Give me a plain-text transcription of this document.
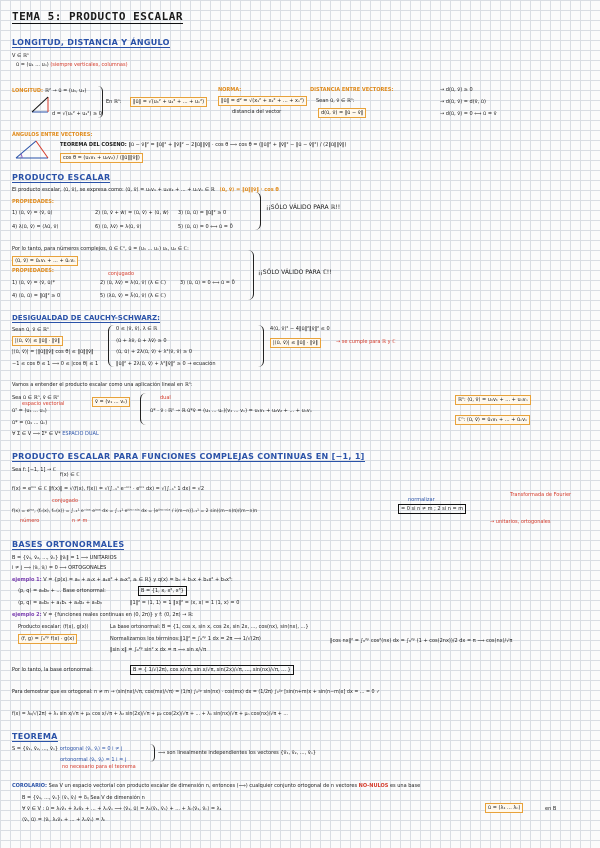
TEMA 5: PRODUCTO ESCALAR
LONGITUD, DISTANCIA Y ÁNGULO
V ∈ ℝⁿ
ū = (u₁ ... uₙ) (siempre verticales, columnas)
LONGITUD: ℝ² → ū = (u₁, u₂)
d = √(u₁² + u₂²) ≥ 0
En ℝⁿ:	‖ū‖ = √(u₁² + u₂² + ... + uₙ²)
NORMA:
‖ū‖ = d² = √(x₁² + x₂² + ... + xₙ²)
distancia del vector
DISTANCIA ENTRE VECTORES:
Sean ū, v̄ ∈ ℝⁿ:
d(ū, v̄) = ‖ū − v̄‖
→ d(ū, v̄) ≥ 0
→ d(ū, v̄) = d(v̄, ū)
→ d(ū, v̄) = 0 ⟺ ū = v̄
ÁNGULOS ENTRE VECTORES:
TEOREMA DEL COSENO: ‖ū − v̄‖² = ‖ū‖² + ‖v̄‖² − 2‖ū‖‖v̄‖ · cos θ ⟹ cos θ = (‖ū‖² + ‖v̄‖² − ‖ū − v̄‖²) / (2‖ū‖‖v̄‖)
cos θ = (u₁v₁ + u₂v₂) / (‖ū‖‖v̄‖)
PRODUCTO ESCALAR
El producto escalar, ⟨ū, v̄⟩, se expresa como: ⟨ū, v̄⟩ = u₁v₁ + u₂v₂ + ... + uₙvₙ ∈ ℝ ⟨ū, v̄⟩ = ‖ū‖‖v̄‖ · cos θ
PROPIEDADES:
1) ⟨ū, v̄⟩ = ⟨v̄, ū⟩	2) ⟨ū, v̄ + w̄⟩ = ⟨ū, v̄⟩ + ⟨ū, w̄⟩ 3) ⟨ū, ū⟩ = ‖ū‖² ≥ 0
4) λ⟨ū, v̄⟩ = ⟨λū, v̄⟩	5) ⟨ū, ū⟩ = 0 ⟺ ū = 0̄
6) ⟨ū, λv̄⟩ = λ⟨ū, v̄⟩
¡¡SÓLO VÁLIDO PARA ℝ!!
Por lo tanto, para números complejos, ū ∈ ℂⁿ, ū = (u₁ ... uₙ) u₁, u₂ ∈ ℂ:
⟨ū, v̄⟩ = ū₁v₁ + ... + ūₙvₙ
PROPIEDADES:
1) ⟨ū, v̄⟩ = ⟨v̄, ū⟩*
conjugado
2) ⟨ū, λv̄⟩ = λ⟨ū, v̄⟩ (λ ∈ ℂ)	3) ⟨ū, ū⟩ = 0 ⟺ ū = 0̄
4) ⟨ū, ū⟩ = ‖ū‖² ≥ 0	5) ⟨λū, v̄⟩ = λ̄⟨ū, v̄⟩ (λ ∈ ℂ)
¡¡SÓLO VÁLIDO PARA ℂ!!
DESIGUALDAD DE CAUCHY-SCHWARZ:
Sean ū, v̄ ∈ ℝⁿ
|⟨ū, v̄⟩| ≤ ‖ū‖ · ‖v̄‖
|⟨ū, v̄⟩| = |‖ū‖‖v̄‖ cos θ| ≤ ‖ū‖‖v̄‖
−1 ≤ cos θ ≤ 1 ⟹ 0 ≤ |cos θ| ≤ 1
0 ≤ ⟨v̄, v̄⟩, λ ∈ ℝ
⟨ū + λv̄, ū + λv̄⟩ ≥ 0
⟨ū, ū⟩ + 2λ⟨ū, v̄⟩ + λ²⟨v̄, v̄⟩ ≥ 0
‖ū‖² + 2λ⟨ū, v̄⟩ + λ²‖v̄‖² ≥ 0 → ecuación
4⟨ū, v̄⟩² − 4‖ū‖²‖v̄‖² ≤ 0
|⟨ū, v̄⟩| ≤ ‖ū‖ · ‖v̄‖	→ se cumple para ℝ y ℂ
Vamos a entender el producto escalar como una aplicación lineal en ℝⁿ:
Sea ū ∈ ℝⁿ, v̄ ∈ ℝⁿ
espacio vectorial
ūᵀ = (u₁ ... uₙ)
ū* = (ū₁ ... ūₙ)
∀ Σ ∈ V ⟹ Σ* ∈ V* ESPACIO DUAL
v̄ = (v₁ ... vₙ)
dual
ū* · v̄ : ℝⁿ → ℝ ū*v̄ = (u₁ ... uₙ)(v₁ ... vₙ) = u₁v₁ + u₂v₂ + ... + uₙvₙ
ℝⁿ: ⟨ū, v̄⟩ = u₁v₁ + ... + uₙvₙ
ℂⁿ: ⟨ū, v̄⟩ = ū₁v₁ + ... + ūₙvₙ
PRODUCTO ESCALAR PARA FUNCIONES COMPLEJAS CONTINUAS EN [−1, 1]
Sea f: [−1, 1] → ℂ
f(x) ∈ ℂ
f(x) = eⁱⁿˣ ∈ ℂ ‖f(x)‖ = √⟨f(x), f(x)⟩ = √(∫₋₁¹ e⁻ⁱⁿˣ · eⁱⁿˣ dx) = √(∫₋₁¹ 1 dx) = √2
conjugado
f(x) = eⁱⁿˣ, ⟨fₙ(x), fₘ(x)⟩ = ∫₋₁¹ e⁻ⁱⁿˣ eⁱᵐˣ dx = ∫₋₁¹ eⁱ⁽ᵐ⁻ⁿ⁾ˣ dx = [eⁱ⁽ᵐ⁻ⁿ⁾ˣ / i(m−n)]₋₁¹ = 2 sin((m−n)π)/(m−n)π
número	n ≠ m
= 0 si n ≠ m ; 2 si n = m
normalizar
Transformada de Fourier
→ unitarios, ortogonales
BASES ORTONORMALES
B = {v̄₁, v̄₂, ..., v̄ₙ} ‖v̄ᵢ‖ = 1 ⟹ UNITARIOS
i ≠ j ⟹ ⟨v̄ᵢ, v̄ⱼ⟩ = 0 ⟹ ORTOGONALES
ejemplo 1: V = {p(x) = a₀ + a₁x + a₂x² + a₃x³, aᵢ ∈ ℝ} y q(x) = b₀ + b₁x + b₂x² + b₃x³:
⟨p, q⟩ = a₀b₀ + ... Base ortonormal:	B = {1, x, x², x³}
⟨p, q⟩ = a₀b₀ + a₁b₁ + a₂b₂ + a₃b₃	‖1‖² = ⟨1, 1⟩ = 1 ‖x‖² = ⟨x, x⟩ = 1 ⟨1, x⟩ = 0
ejemplo 2: V = {funciones reales continuas en (0, 2π)} y f: (0, 2π) → ℝ:
Producto escalar: ⟨f(x), g(x)⟩
⟨f, g⟩ = ∫₀²ᵖ f(x) · g(x)
La base ortonormal: B = {1, cos x, sin x, cos 2x, sin 2x, ..., cos(nx), sin(nx), ...}
Normalizamos los términos: ‖1‖² = ∫₀²ᵖ 1 dx = 2π ⟹ 1/√(2π)
‖sin x‖ = ∫₀²ᵖ sin² x dx = π ⟹ sin x/√π
‖cos nx‖² = ∫₀²ᵖ cos²(nx) dx = ∫₀²ᵖ (1 + cos(2nx))/2 dx = π ⟹ cos(nx)/√π
Por lo tanto, la base ortonormal:	B = { 1/√(2π), cos x/√π, sin x/√π, sin(2x)/√π, ..., sin(nx)/√π, ... }
Para demostrar que es ortogonal: n ≠ m → ⟨sin(nx)/√π, cos(mx)/√π⟩ = (1/π) ∫₀²ᵖ sin(nx) · cos(mx) dx = (1/2π) ∫₀²ᵖ [sin(n+m)x + sin(n−m)x] dx = ... = 0 ✓
f(x) = λ₀/√(2π) + λ₁ sin x/√π + μ₁ cos x/√π + λ₂ sin(2x)/√π + μ₂ cos(2x)/√π + ... + λₙ sin(nx)/√π + μₙ cos(nx)/√π + ...
TEOREMA
S = {v̄₁, v̄₂, ..., v̄ₙ} ortogonal ⟨v̄ᵢ, v̄ⱼ⟩ = 0 i ≠ j
ortonormal ⟨v̄ᵢ, v̄ⱼ⟩ = 1 i = j
no necesario para el teorema
⟹ son linealmente independientes los vectores {v̄₁, v̄₂, ..., v̄ₙ}
COROLARIO: Sea V un espacio vectorial con producto escalar de dimensión n, entonces (⟹) cualquier conjunto ortogonal de n vectores NO-NULOS es una base
B = {v̄₁, ..., v̄ₙ} ⟨v̄ᵢ, v̄ⱼ⟩ = δᵢⱼ Sea V de dimensión n
∀ v̄ ∈ V : ū = λ₁v̄₁ + λ₂v̄₂ + ... + λₙv̄ₙ ⟹ ⟨v̄₁, ū⟩ = λ₁⟨v̄₁, v̄₁⟩ + ... + λₙ⟨v̄₁, v̄ₙ⟩ = λ₁
⟨v̄ᵢ, ū⟩ = ⟨v̄ᵢ, λ₁v̄₁ + ... + λₙv̄ₙ⟩ = λᵢ
ū = (λ₁ ... λₙ)	en B
